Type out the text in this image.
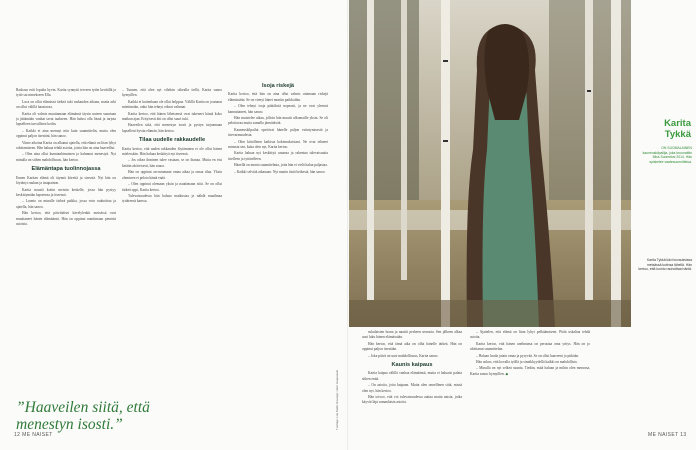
Raskaus esiti lopulta hyvin. Karita synnytti terveen tytön keväällä ja tyttö sai nimekseen Ella.

Luca on ollut elämässä tärkeä tuki raskauden aikana, mutta arki on ollut välillä haastavaa.

Karita oli valmis muuttamaan elämänsä täysin uuteen suuntaan ja jättämään vanhat tavat taakseen. Hän halusi olla läsnä ja tarjota lapselleen turvallisen kodin.

– Kaikki ei aina mennyt niin kuin suunnittelin, mutta olen oppinut paljon itsestäni, hän sanoo.

Viime aikoina Karita on alkanut ajatella, että elämä on liian lyhyt odottamiseen. Hän haluaa tehdä asioita, joista hän on aina haaveillut.

– Olen aina ollut kunnianhimoinen ja halunnut menestyä. Nyt minulla on siihen mahdollisuus, hän kertoo.

Elämäntapa tuolinnojassa

Ennen Karitan elämä oli täynnä kiirettä ja stressiä. Nyt hän on löytänyt rauhan ja tasapainon.

Karita muutti kotiin metsän keskelle, jossa hän pystyy keskittymään lapseensa ja itseensä.

– Luonto on minulle tärkeä paikka, jossa voin rauhoittua ja ajatella, hän sanoo.

Hän kertoo, että päivittäiset kävelylenkit metsässä ovat muuttaneet hänen elämäänsä. Hän on oppinut nauttimaan pienistä asioista.

– Tunnen, että olen nyt vihdoin oikealla tiellä, Karita sanoo hymyillen.

Kaikki ei kuitenkaan ole ollut helppoa. Välillä Karita on joutunut miettimään, onko hän tehnyt oikeat valinnat.

Karita kertoo, että hänen läheisensä ovat tukeneet häntä koko matkan ajan. Erityisesti äiti on ollut suuri tuki.

Haaveilen siitä, että menestyn isosti ja pystyn tarjoamaan lapselleni hyvän elämän, hän kertoo.

Tilaa uudelle rakkaudelle

Karita kertoo, että uuden rakkauden löytäminen ei ole ollut hänen mielessään. Hän haluaa keskittyä nyt itseensä.

– Jos oikea ihminen tulee vastaan, se on ihanaa. Mutta en etsi ketään aktiivisesti, hän sanoo.

Hän on oppinut arvostamaan omaa aikaa ja omaa tilaa. Yksin oleminen ei pelota häntä enää.

– Olen oppinut olemaan yksin ja nauttimaan siitä. Se on ollut tärkeä oppi, Karita kertoo.

Tulevaisuudessa hän haluaa matkustaa ja nähdä maailmaa tyttärensä kanssa.

Isoja riskejä

Karita kertoo, että hän on aina ollut valmis ottamaan riskejä elämässään. Se on vienyt hänet moniin paikkoihin.

– Olen tehnyt isoja päätöksiä nopeasti, ja ne ovat yleensä kannattaneet, hän sanoo.

Hän muistelee aikaa, jolloin hän muutti ulkomaille yksin. Se oli pelottavaa mutta samalla jännittävää.

Kauneuskilpailut opettivat hänelle paljon esiintymisestä ja itsevarmuudesta.

– Olen kiitollinen kaikista kokemuksistani. Ne ovat tehneet minusta sen, kuka olen nyt, Karita kertoo.

Karita haluaa nyt keskittyä uraansa ja rakentaa tulevaisuutta itselleen ja tyttärelleen.

Hänellä on monia suunnitelmia, joita hän ei vielä halua paljastaa.

– Kaikki selviää aikanaan. Nyt nautin tästä hetkestä, hän sanoo.

”Haaveilen siitä, että menestyn isosti.”	Tuottaja: Liia Kallio Kuvaaja: Harri Haapasalo
12 ME NAISET	ME NAISET 13
Karita Tykkä
ON SUOMALAINEN kauneuskilpailija, joka kruunattiin Miss Suomeksi 2014. Hän opiskelee vaatesuunnittelua.
Karita Tykkä kävi kuvauksissa metsässä kotinsa lähellä. Hän kertoo, että luonto rauhoittaa häntä.

sukulaisten luona ja nauttii perheen seurasta. Sen jälkeen alkaa uusi luku hänen elämässään.

Hän kertoo, että tämä aika on ollut hänelle tärkeä. Hän on oppinut paljon itsestään.

– Joka päivä on uusi mahdollisuus, Karita sanoo.

Kaunis kaipaus

Karita kaipaa välillä vanhaa elämäänsä, mutta ei haluaisi palata siihen enää.

– On asioita, joita kaipaan. Mutta olen onnellinen siitä, missä olen nyt, hän kertoo.

Hän toivoo, että voi tulevaisuudessa auttaa muita naisia, jotka käyvät läpi samanlaisia asioita.

– Ajattelen, että elämä on liian lyhyt pelkäämiseen. Pitää uskaltaa tehdä asioita.

Karita kertoo, että hänen unelmansa on perustaa oma yritys. Hän on jo aloittanut suunnittelun.

– Haluan luoda jotain omaa ja pysyvää. Se on ollut haaveeni jo pitkään.

Hän uskoo, että kovalla työllä ja sinnikkyydellä kaikki on mahdollista.

– Minulla on nyt selkeä suunta. Tiedän, mitä haluan ja mihin olen menossa, Karita sanoo hymyillen. ◆
